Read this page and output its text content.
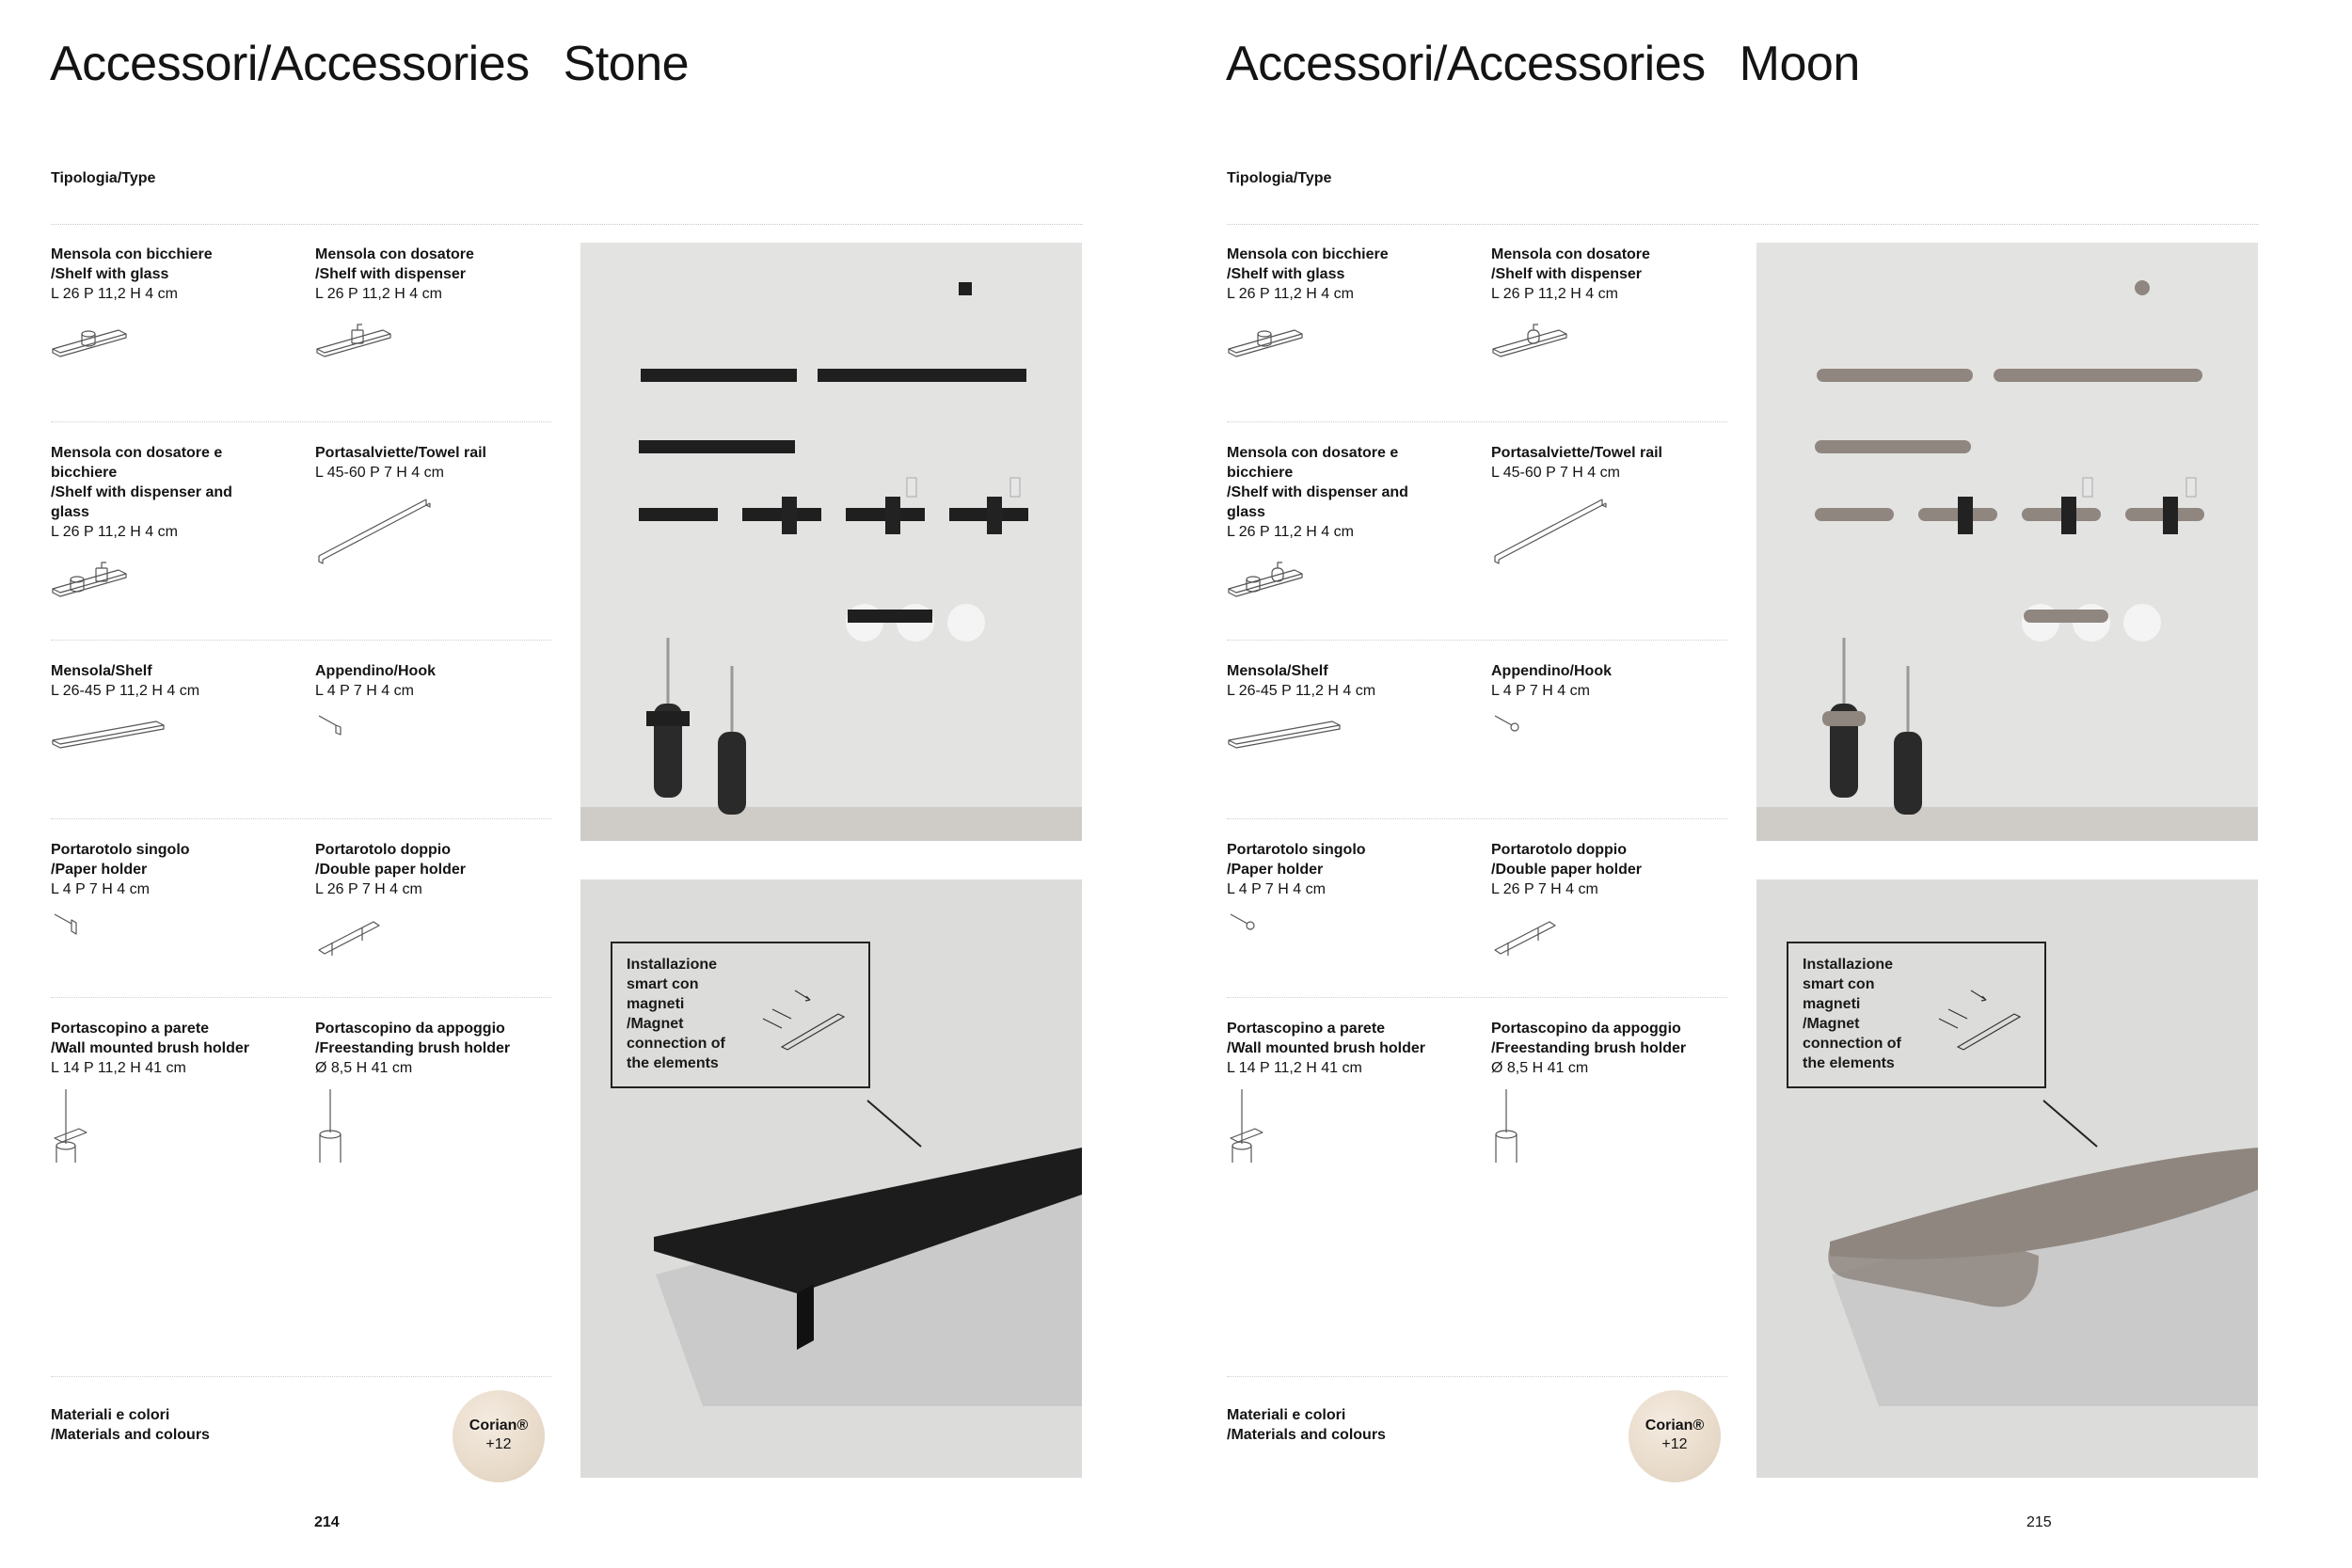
Accessori/Accessories Stone
Tipologia/Type
Mensola con bicchiere
/Shelf with glass
L 26 P 11,2 H 4 cm
Mensola con dosatore
/Shelf with dispenser
L 26 P 11,2 H 4 cm
Mensola con dosatore e
bicchiere
/Shelf with dispenser and
glass
L 26 P 11,2 H 4 cm
Portasalviette/Towel rail
L 45-60 P 7 H 4 cm
Mensola/Shelf
L 26-45 P 11,2 H 4 cm
Appendino/Hook
L 4 P 7 H 4 cm
Portarotolo singolo
/Paper holder
L 4 P 7 H 4 cm
Portarotolo doppio
/Double paper holder
L 26 P 7 H 4 cm
Portascopino a parete
/Wall mounted brush holder
L 14 P 11,2 H 41 cm
Portascopino da appoggio
/Freestanding brush holder
Ø 8,5 H 41 cm
Installazione
smart con
magneti
/Magnet
connection of
the elements
Materiali e colori
/Materials and colours
Corian®
+12
214
Accessori/Accessories Moon
Tipologia/Type
Mensola con bicchiere
/Shelf with glass
L 26 P 11,2 H 4 cm
Mensola con dosatore
/Shelf with dispenser
L 26 P 11,2 H 4 cm
Mensola con dosatore e
bicchiere
/Shelf with dispenser and
glass
L 26 P 11,2 H 4 cm
Portasalviette/Towel rail
L 45-60 P 7 H 4 cm
Mensola/Shelf
L 26-45 P 11,2 H 4 cm
Appendino/Hook
L 4 P 7 H 4 cm
Portarotolo singolo
/Paper holder
L 4 P 7 H 4 cm
Portarotolo doppio
/Double paper holder
L 26 P 7 H 4 cm
Portascopino a parete
/Wall mounted brush holder
L 14 P 11,2 H 41 cm
Portascopino da appoggio
/Freestanding brush holder
Ø 8,5 H 41 cm
Installazione
smart con
magneti
/Magnet
connection of
the elements
Materiali e colori
/Materials and colours
Corian®
+12
215
